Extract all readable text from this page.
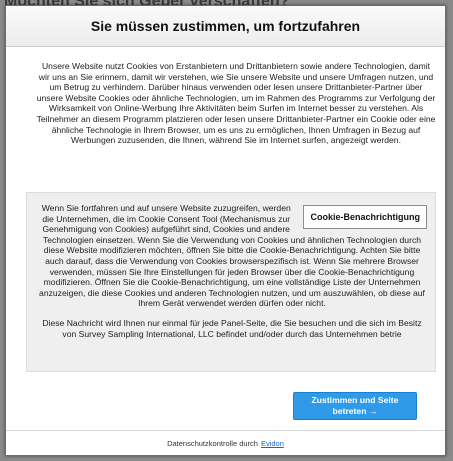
Sie müssen zustimmen, um fortzufahren
Unsere Website nutzt Cookies von Erstanbietern und Drittanbietern sowie andere Technologien, damit wir uns an Sie erinnern, damit wir verstehen, wie Sie unsere Website und unsere Umfragen nutzen, und um Betrug zu verhindern. Darüber hinaus verwenden oder lesen unsere Drittanbieter-Partner über unsere Website Cookies oder ähnliche Technologien, um im Rahmen des Programms zur Verfolgung der Wirksamkeit von Online-Werbung Ihre Aktivitäten beim Surfen im Internet besser zu verstehen. Als Teilnehmer an diesem Programm platzieren oder lesen unsere Drittanbieter-Partner ein Cookie oder eine ähnliche Technologie in Ihrem Browser, um es uns zu ermöglichen, Ihnen Umfragen in Bezug auf Werbungen zuzusenden, die Ihnen, während Sie im Internet surfen, angezeigt werden.
Cookie-Benachrichtigung

Wenn Sie fortfahren und auf unsere Website zuzugreifen, werden die Unternehmen, die im Cookie Consent Tool (Mechanismus zur Genehmigung von Cookies) aufgeführt sind, Cookies und andere Technologien einsetzen. Wenn Sie die Verwendung von Cookies und ähnlichen Technologien durch diese Website modifizieren möchten, öffnen Sie bitte die Cookie-Benachrichtigung. Achten Sie bitte auch darauf, dass die Verwendung von Cookies browserspezifisch ist. Wenn Sie mehrere Browser verwenden, müssen Sie Ihre Einstellungen für jeden Browser über die Cookie-Benachrichtigung modifizieren. Öffnen Sie die Cookie-Benachrichtigung, um eine vollständige Liste der Unternehmen anzuzeigen, die diese Cookies und anderen Technologien nutzen, und um auszuwählen, ob diese auf Ihrem Gerät verwendet werden dürfen oder nicht.

Diese Nachricht wird Ihnen nur einmal für jede Panel-Seite, die Sie besuchen und die sich im Besitz von Survey Sampling International, LLC befindet und/oder durch das Unternehmen betrie

Zustimmen und Seite betreten →
Datenschutzkontrolle durch Evidon
